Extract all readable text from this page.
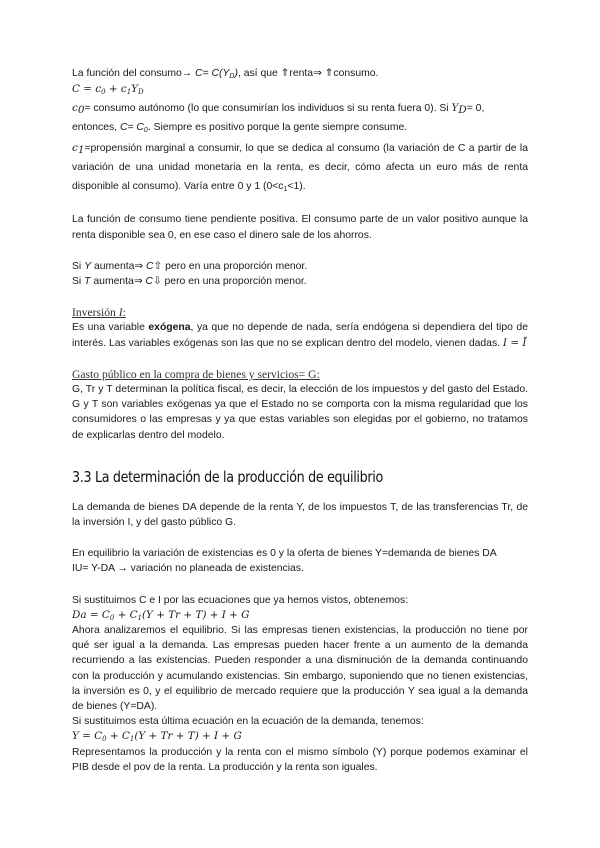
La función del consumo→ $C= C(Y_D)$, así que ⇑renta⇒ ⇑consumo.

$C = c_0 + c_1Y_D$

$c_0=$ consumo autónomo (lo que consumirían los individuos si su renta fuera 0). Si $Y_D= 0$,
entonces, $C= C_0$. Siempre es positivo porque la gente siempre consume.

$c_1=propensión$ marginal a consumir, lo que se dedica al consumo (la variación de C a partir de la variación de una unidad monetaria en la renta, es decir, cómo afecta un euro más de renta disponible al consumo). Varía entre 0 y 1 $(0<c_1<1)$.

La función de consumo tiene pendiente positiva. El consumo parte de un valor positivo aunque la renta disponible sea 0, en ese caso el dinero sale de los ahorros.

Si Y aumenta⇒ C⇧ pero en una proporción menor.

Si T aumenta⇒ C⇩ pero en una proporción menor.

Inversión I:

Es una variable exógena, ya que no depende de nada, sería endógena si dependiera del tipo de interés. Las variables exógenas son las que no se explican dentro del modelo, vienen dadas. I = Ī

Gasto público en la compra de bienes y servicios= G:

G, Tr y T determinan la política fiscal, es decir, la elección de los impuestos y del gasto del Estado. G y T son variables exógenas ya que el Estado no se comporta con la misma regularidad que los consumidores o las empresas y ya que estas variables son elegidas por el gobierno, no tratamos de explicarlas dentro del modelo.

3.3 La determinación de la producción de equilibrio

La demanda de bienes DA depende de la renta Y, de los impuestos T, de las transferencias Tr, de la inversión I, y del gasto público G.

En equilibrio la variación de existencias es 0 y la oferta de bienes Y=demanda de bienes DA

IU= Y-DA → variación no planeada de existencias.

Si sustituimos C e I por las ecuaciones que ya hemos vistos, obtenemos:

$Da = C_0 + C_1(Y + Tr + T) + I + G$

Ahora analizaremos el equilibrio. Si las empresas tienen existencias, la producción no tiene por qué ser igual a la demanda. Las empresas pueden hacer frente a un aumento de la demanda recurriendo a las existencias. Pueden responder a una disminución de la demanda continuando con la producción y acumulando existencias. Sin embargo, suponiendo que no tienen existencias, la inversión es 0, y el equilibrio de mercado requiere que la producción Y sea igual a la demanda de bienes (Y=DA).

Si sustituimos esta última ecuación en la ecuación de la demanda, tenemos:

$Y = C_0 + C_1(Y + Tr + T) + I + G$

Representamos la producción y la renta con el mismo símbolo (Y) porque podemos examinar el PIB desde el pov de la renta. La producción y la renta son iguales.
